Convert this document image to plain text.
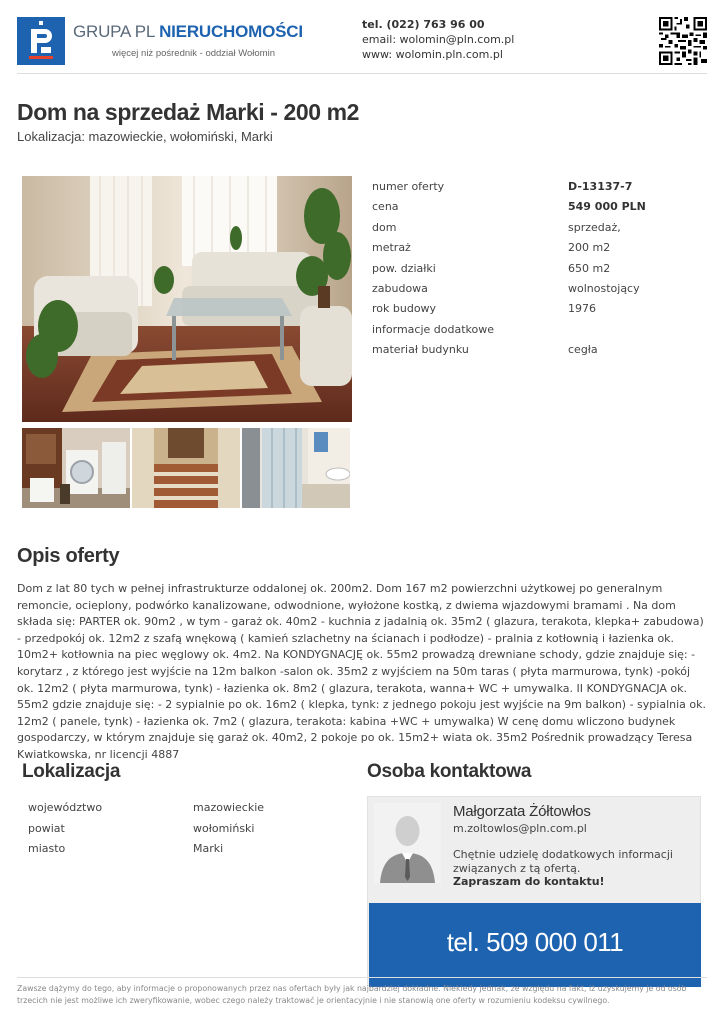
GRUPA PL NIERUCHOMOŚCI
więcej niż pośrednik - oddział Wołomin
tel. (022) 763 96 00
email: wolomin@pln.com.pl
www: wolomin.pln.com.pl
Dom na sprzedaż Marki - 200 m2
Lokalizacja: mazowieckie, wołomiński, Marki
numer oferty	D-13137-7
cena	549 000 PLN
dom	sprzedaż,
metraż	200 m2
pow. działki	650 m2
zabudowa	wolnostojący
rok budowy	1976
informacje dodatkowe
materiał budynku	cegła
Opis oferty

Dom z lat 80 tych w pełnej infrastrukturze oddalonej ok. 200m2. Dom 167 m2 powierzchni użytkowej po generalnym remoncie, ocieplony, podwórko kanalizowane, odwodnione, wyłożone kostką, z dwiema wjazdowymi bramami . Na dom składa się: PARTER ok. 90m2 , w tym - garaż ok. 40m2 - kuchnia z jadalnią ok. 35m2 ( glazura, terakota, klepka+ zabudowa) - przedpokój ok. 12m2 z szafą wnękową ( kamień szlachetny na ścianach i podłodze) - pralnia z kotłownią i łazienka ok. 10m2+ kotłownia na piec węglowy ok. 4m2. Na KONDYGNACJĘ ok. 55m2 prowadzą drewniane schody, gdzie znajduje się: - korytarz , z którego jest wyjście na 12m balkon -salon ok. 35m2 z wyjściem na 50m taras ( płyta marmurowa, tynk) -pokój ok. 12m2 ( płyta marmurowa, tynk) - łazienka ok. 8m2 ( glazura, terakota, wanna+ WC + umywalka. II KONDYGNACJA ok. 55m2 gdzie znajduje się: - 2 sypialnie po ok. 16m2 ( klepka, tynk: z jednego pokoju jest wyjście na 9m balkon) - sypialnia ok. 12m2 ( panele, tynk) - łazienka ok. 7m2 ( glazura, terakota: kabina +WC + umywalka) W cenę domu wliczono budynek gospodarczy, w którym znajduje się garaż ok. 40m2, 2 pokoje po ok. 15m2+ wiata ok. 35m2 Pośrednik prowadzący Teresa Kwiatkowska, nr licencji 4887

Lokalizacja
województwo	mazowieckie
powiat	wołomiński
miasto	Marki
Osoba kontaktowa
Małgorzata Żółtowłos
m.zoltowlos@pln.com.pl
Chętnie udzielę dodatkowych informacji związanych z tą ofertą.
Zapraszam do kontaktu!
tel. 509 000 011
Zawsze dążymy do tego, aby informacje o proponowanych przez nas ofertach były jak najbardziej dokładne. Niekiedy jednak, ze względu na fakt, iż uzyskujemy je od osób trzecich nie jest możliwe ich zweryfikowanie, wobec czego należy traktować je orientacyjnie i nie stanowią one oferty w rozumieniu kodeksu cywilnego.
